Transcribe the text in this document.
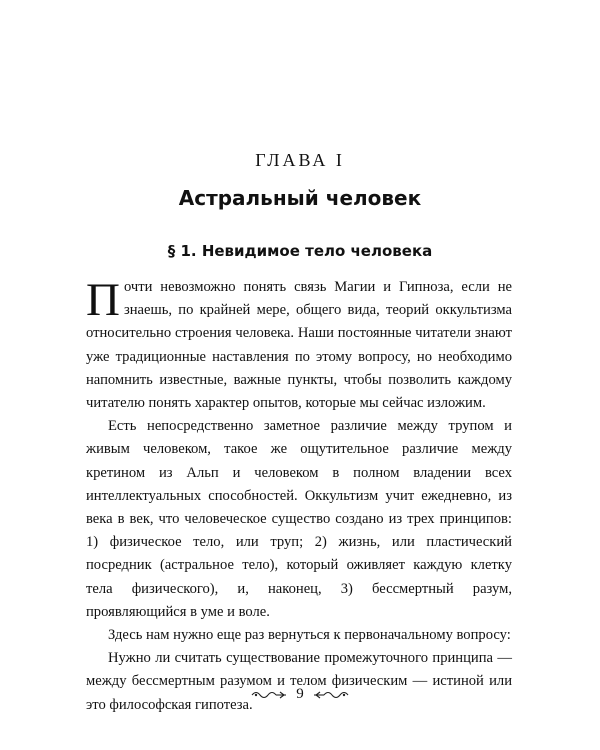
ГЛАВА I
Астральный человек
§ 1. Невидимое тело человека

Почти невозможно понять связь Магии и Гипноза, если не знаешь, по крайней мере, общего вида, теорий оккультизма относительно строения человека. Наши постоянные читатели знают уже традиционные наставления по этому вопросу, но необходимо напомнить известные, важные пункты, чтобы позволить каждому читателю понять характер опытов, которые мы сейчас изложим.

Есть непосредственно заметное различие между трупом и живым человеком, такое же ощутительное различие между кретином из Альп и человеком в полном владении всех интеллектуальных способностей. Оккультизм учит ежедневно, из века в век, что человеческое существо создано из трех принципов: 1) физическое тело, или труп; 2) жизнь, или пластический посредник (астральное тело), который оживляет каждую клетку тела физического), и, наконец, 3) бессмертный разум, проявляющийся в уме и воле.

Здесь нам нужно еще раз вернуться к первоначальному вопросу:

Нужно ли считать существование промежуточного принципа — между бессмертным разумом и телом физическим — истиной или это философская гипотеза.

9
